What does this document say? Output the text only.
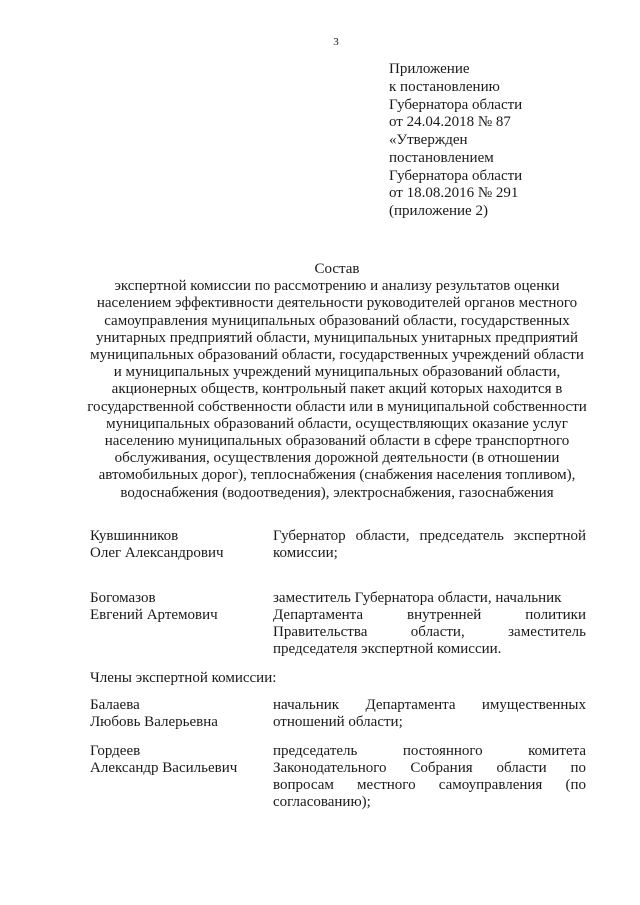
3
Приложение
к постановлению
Губернатора области
от 24.04.2018 № 87
«Утвержден
постановлением
Губернатора области
от 18.08.2016 № 291
(приложение 2)
Состав
экспертной комиссии по рассмотрению и анализу результатов оценки
населением эффективности деятельности руководителей органов местного
самоуправления муниципальных образований области, государственных
унитарных предприятий области, муниципальных унитарных предприятий
муниципальных образований области, государственных учреждений области
и муниципальных учреждений муниципальных образований области,
акционерных обществ, контрольный пакет акций которых находится в
государственной собственности области или в муниципальной собственности
муниципальных образований области, осуществляющих оказание услуг
населению муниципальных образований области в сфере транспортного
обслуживания, осуществления дорожной деятельности (в отношении
автомобильных дорог), теплоснабжения (снабжения населения топливом),
водоснабжения (водоотведения), электроснабжения, газоснабжения
Кувшинников
Олег Александрович
Губернатор области, председатель экспертной
комиссии;
Богомазов
Евгений Артемович
заместитель Губернатора области, начальник
Департамента внутренней политики
Правительства области, заместитель
председателя экспертной комиссии.
Члены экспертной комиссии:
Балаева
Любовь Валерьевна
начальник Департамента имущественных
отношений области;
Гордеев
Александр Васильевич
председатель постоянного комитета
Законодательного Собрания области по
вопросам местного самоуправления (по
согласованию);
